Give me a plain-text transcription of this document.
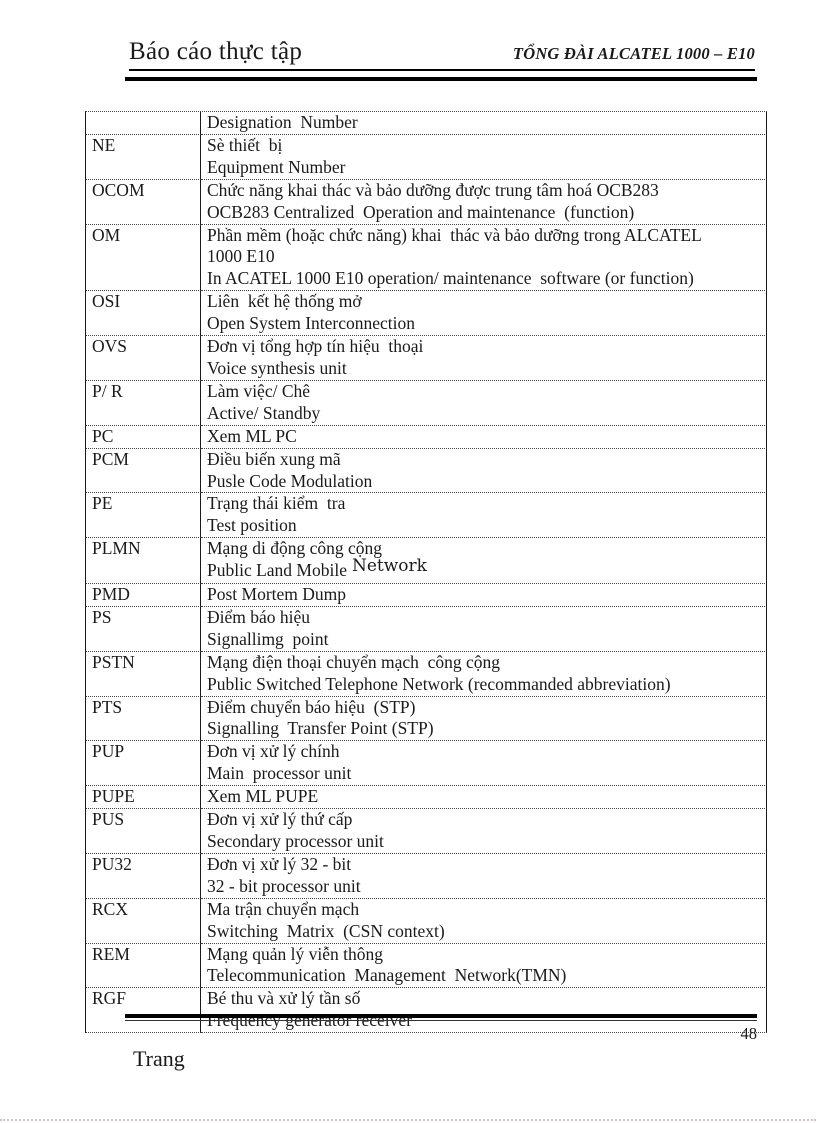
Báo cáo thực tập	TỔNG ĐÀI ALCATEL 1000 – E10

	Designation  Number

NE	Sè thiết  bị
Equipment Number

OCOM	Chức năng khai thác và bảo dưỡng được trung tâm hoá OCB283
OCB283 Centralized  Operation and maintenance  (function)

OM	Phần mềm (hoặc chức năng) khai  thác và bảo dưỡng trong ALCATEL
1000 E10
In ACATEL 1000 E10 operation/ maintenance  software (or function)

OSI	Liên  kết hệ thống mở
Open System Interconnection

OVS	Đơn vị tổng hợp tín hiệu  thoại
Voice synthesis unit

P/ R	Làm việc/ Chê
Active/ Standby

PC	Xem ML PC

PCM	Điều biến xung mã
Pusle Code Modulation

PE	Trạng thái kiểm  tra
Test position

PLMN	Mạng di động công cộng
Public Land Mobile Network

PMD	Post Mortem Dump

PS	Điểm báo hiệu
Signallimg  point

PSTN	Mạng điện thoại chuyển mạch  công cộng
Public Switched Telephone Network (recommanded abbreviation)

PTS	Điểm chuyển báo hiệu  (STP)
Signalling  Transfer Point (STP)

PUP	Đơn vị xử lý chính
Main  processor unit

PUPE	Xem ML PUPE

PUS	Đơn vị xử lý thứ cấp
Secondary processor unit

PU32	Đơn vị xử lý 32 - bit
32 - bit processor unit

RCX	Ma trận chuyển mạch
Switching  Matrix  (CSN context)

REM	Mạng quản lý viễn thông
Telecommunication  Management  Network(TMN)

RGF	Bé thu và xử lý tần số
Frequency generator receiver
48
Trang
